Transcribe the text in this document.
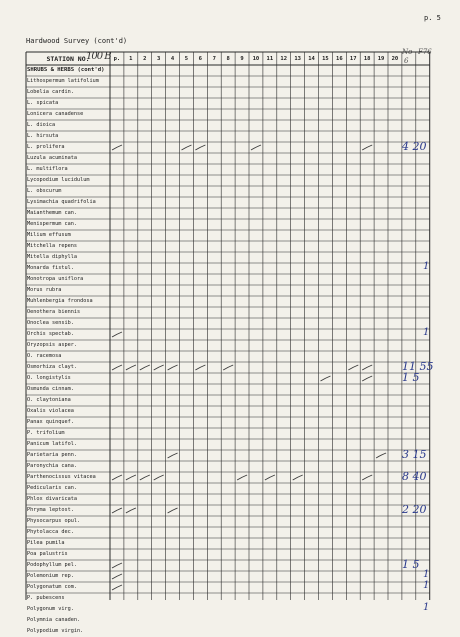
p. 5
Hardwood Survey (cont'd)
STATION NO.
100 B	No
6
F76
p.	1	2	3	4	5	6	7	8	9	10	11	12	13	14	15	16	17	18	19	20
SHRUBS & HERBS (cont'd)
Lithospermum latifolium
Lobelia cardin.
L. spicata
Lonicera canadense
L. dioica
L. hirsuta
L. prolifera	4 20
Luzula acuminata
L. multiflora
Lycopodium lucidulum
L. obscurum
Lysimachia quadrifolia
Maianthemum can.
Menispermum can.
Milium effusum
Mitchella repens
Mitella diphylla
Monarda fistul.	1
Monotropa uniflora
Morus rubra
Muhlenbergia frondosa
Oenothera biennis
Onoclea sensib.
Orchis spectab.	1
Oryzopsis asper.
O. racemosa
Osmorhiza clayt.	11 55
O. longistylis	1 5
Osmunda cinnam.
O. claytoniana
Oxalis violacea
Panax quinquef.
P. trifolium
Panicum latifol.
Parietaria penn.	3 15
Paronychia cana.
Parthenocissus vitacea	8 40
Pedicularis can.
Phlox divaricata
Phryma leptost.	2 20
Physocarpus opul.
Phytolacca dec.
Pilea pumila
Poa palustris
Podophyllum pel.	1 5
Polemonium rep.	1
Polygonatum com.	1
P. pubescens
Polygonum virg.	1
Polymnia canaden.
Polypodium virgin.
